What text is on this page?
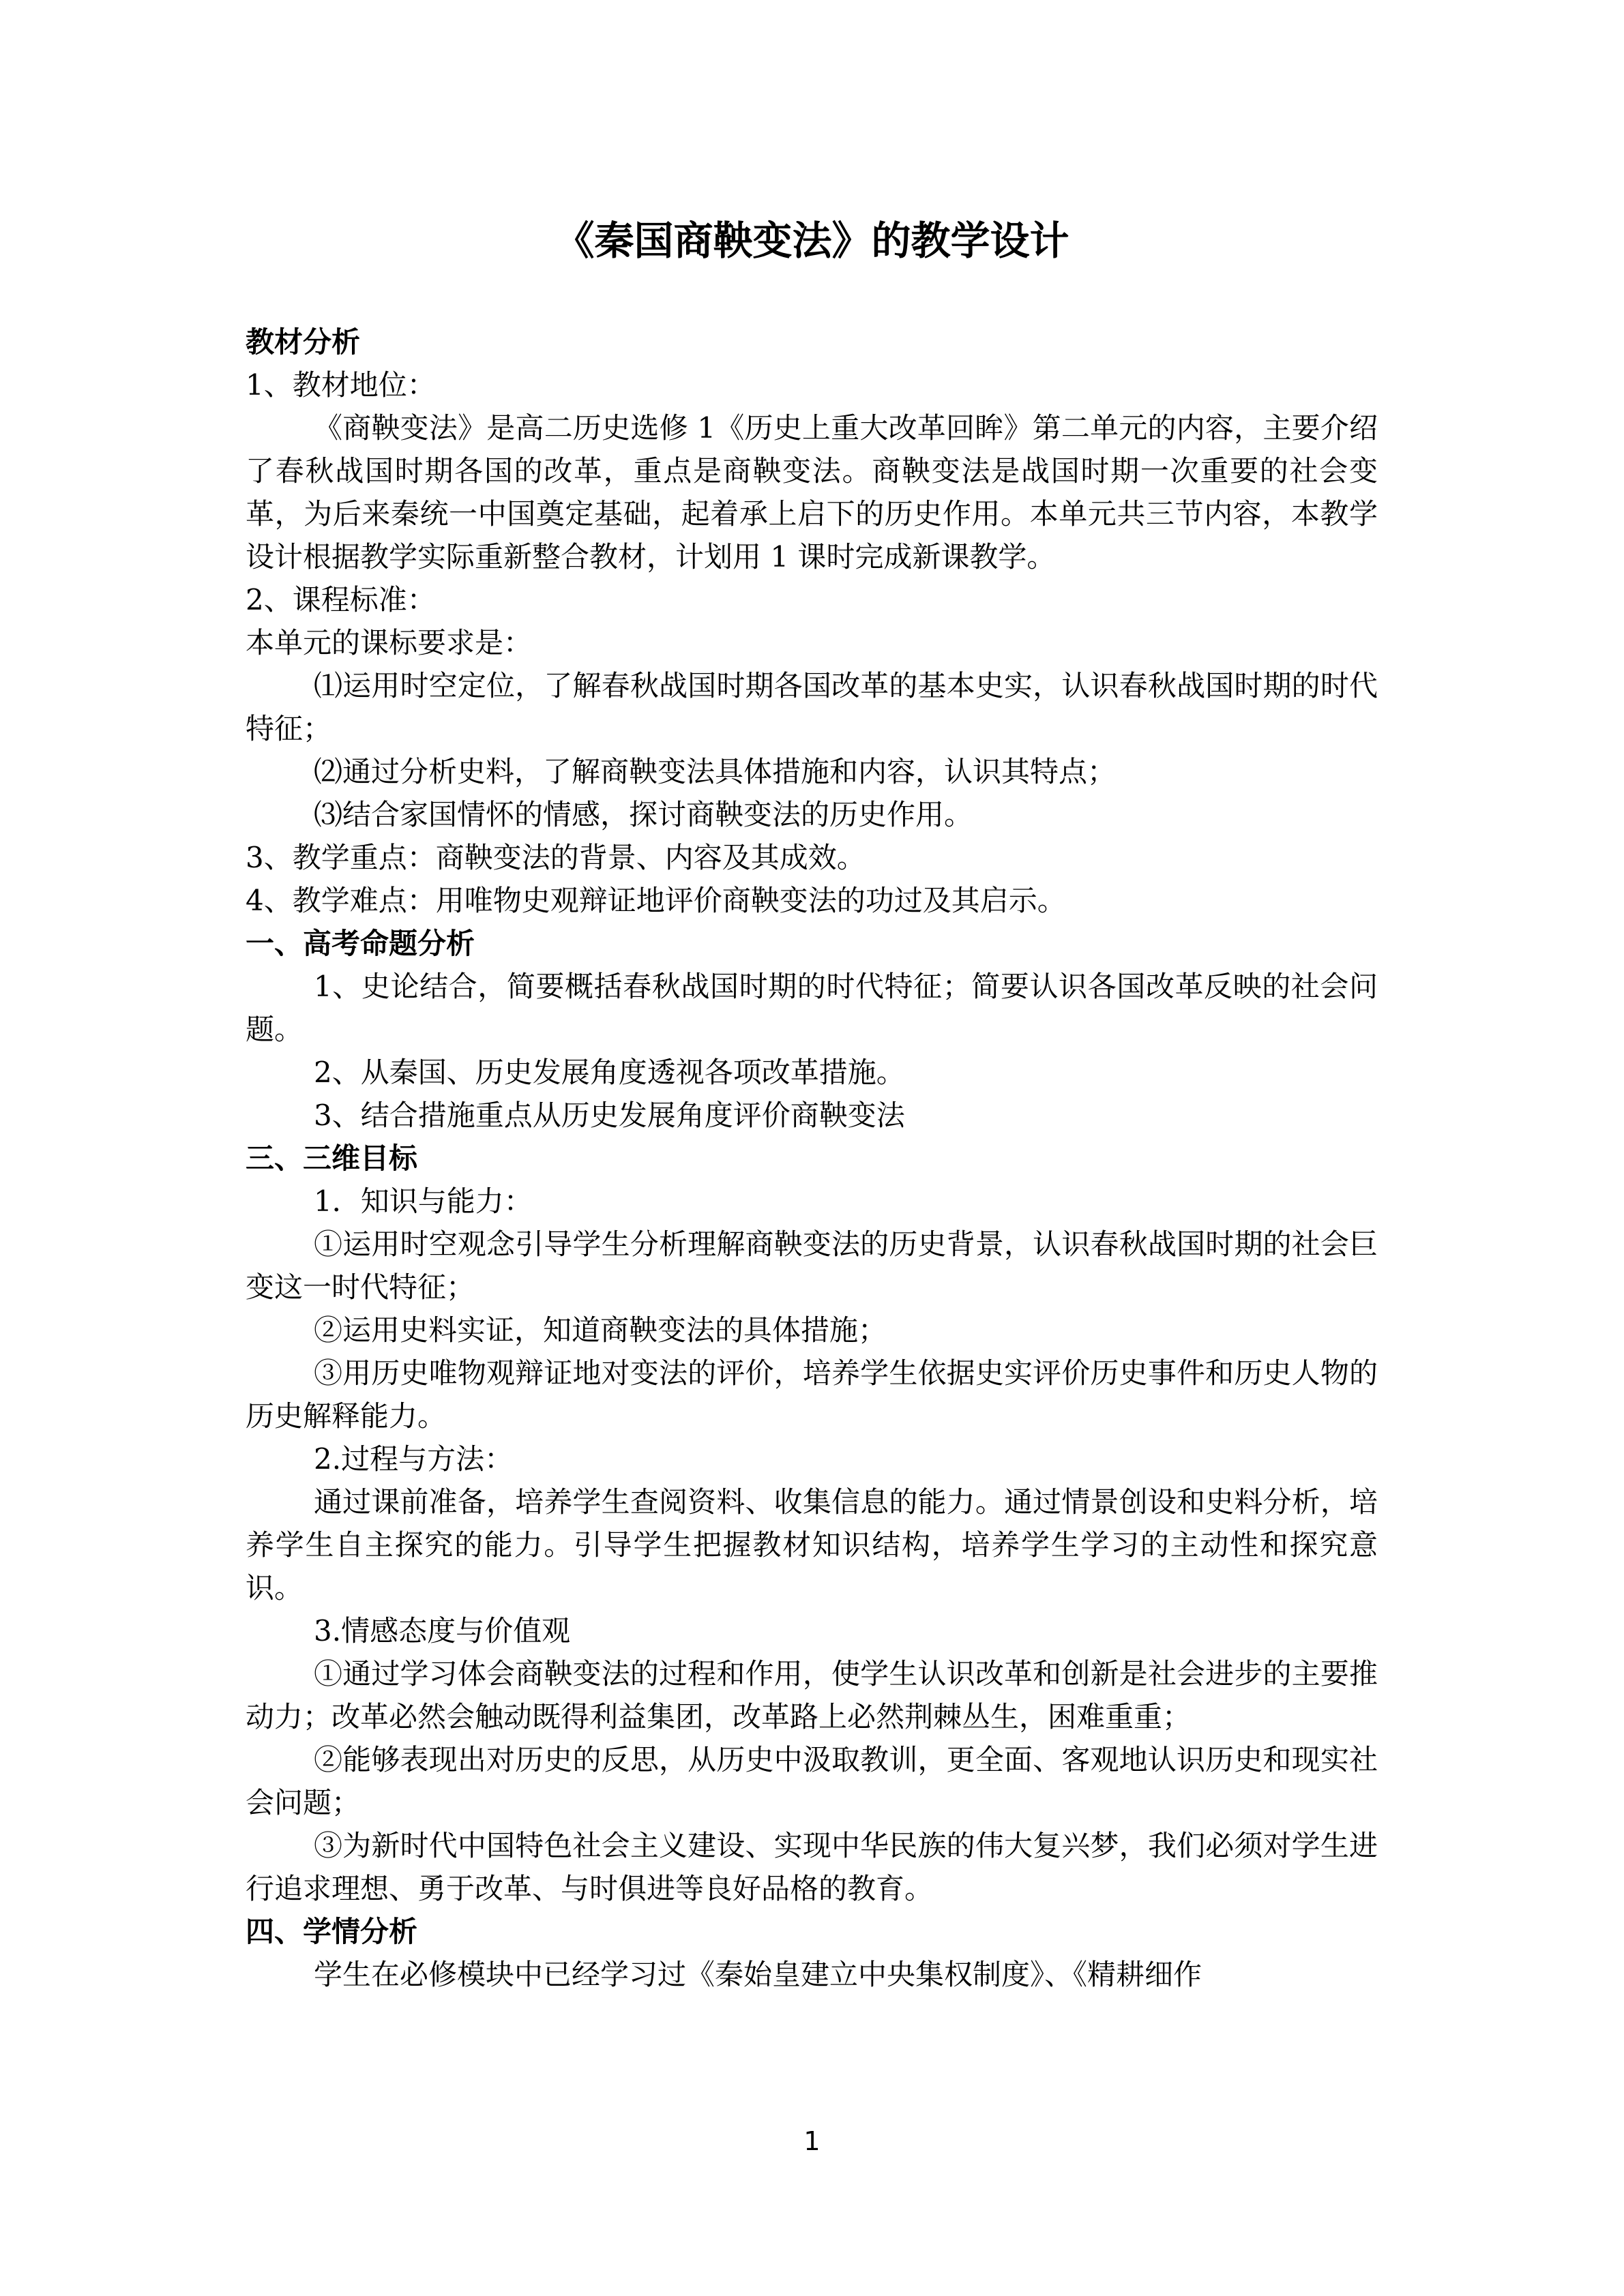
《秦国商鞅变法》的教学设计

教材分析

1、教材地位：

《商鞅变法》是高二历史选修 1《历史上重大改革回眸》第二单元的内容，主要介绍了春秋战国时期各国的改革，重点是商鞅变法。商鞅变法是战国时期一次重要的社会变革，为后来秦统一中国奠定基础，起着承上启下的历史作用。本单元共三节内容，本教学设计根据教学实际重新整合教材，计划用 1 课时完成新课教学。

2、课程标准：

本单元的课标要求是：

⑴运用时空定位，了解春秋战国时期各国改革的基本史实，认识春秋战国时期的时代特征；

⑵通过分析史料，了解商鞅变法具体措施和内容，认识其特点；

⑶结合家国情怀的情感，探讨商鞅变法的历史作用。

3、教学重点：商鞅变法的背景、内容及其成效。

4、教学难点：用唯物史观辩证地评价商鞅变法的功过及其启示。

一、高考命题分析

1、史论结合，简要概括春秋战国时期的时代特征；简要认识各国改革反映的社会问题。

2、从秦国、历史发展角度透视各项改革措施。

3、结合措施重点从历史发展角度评价商鞅变法

三、三维目标

1．知识与能力：

①运用时空观念引导学生分析理解商鞅变法的历史背景，认识春秋战国时期的社会巨变这一时代特征；

②运用史料实证，知道商鞅变法的具体措施；

③用历史唯物观辩证地对变法的评价，培养学生依据史实评价历史事件和历史人物的历史解释能力。

2.过程与方法：

通过课前准备，培养学生查阅资料、收集信息的能力。通过情景创设和史料分析，培养学生自主探究的能力。引导学生把握教材知识结构，培养学生学习的主动性和探究意识。

3.情感态度与价值观

①通过学习体会商鞅变法的过程和作用，使学生认识改革和创新是社会进步的主要推动力；改革必然会触动既得利益集团，改革路上必然荆棘丛生，困难重重；

②能够表现出对历史的反思，从历史中汲取教训，更全面、客观地认识历史和现实社会问题；

③为新时代中国特色社会主义建设、实现中华民族的伟大复兴梦，我们必须对学生进行追求理想、勇于改革、与时俱进等良好品格的教育。

四、学情分析

学生在必修模块中已经学习过《秦始皇建立中央集权制度》、《精耕细作

1
